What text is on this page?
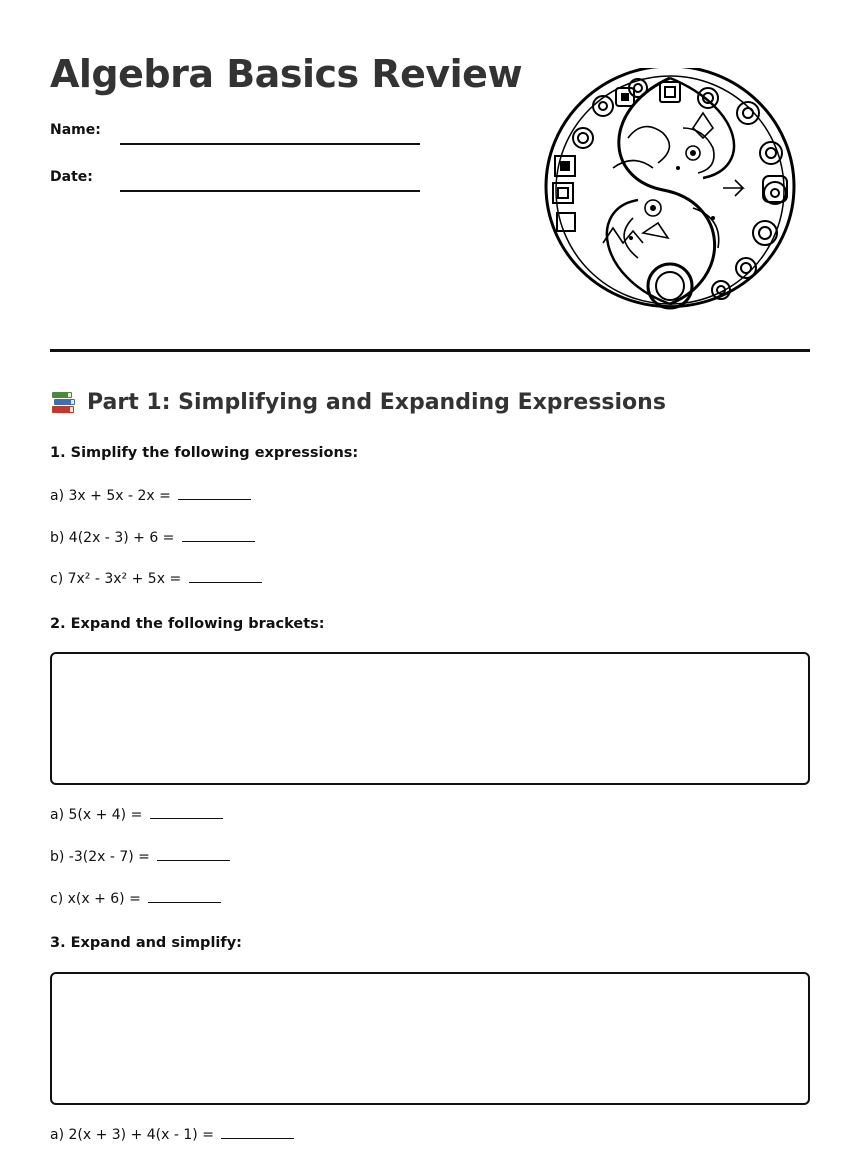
Algebra Basics Review
Name:
Date:
Part 1: Simplifying and Expanding Expressions
1. Simplify the following expressions:
a) 3x + 5x - 2x =
b) 4(2x - 3) + 6 =
c) 7x² - 3x² + 5x =
2. Expand the following brackets:
a) 5(x + 4) =
b) -3(2x - 7) =
c) x(x + 6) =
3. Expand and simplify:
a) 2(x + 3) + 4(x - 1) =
